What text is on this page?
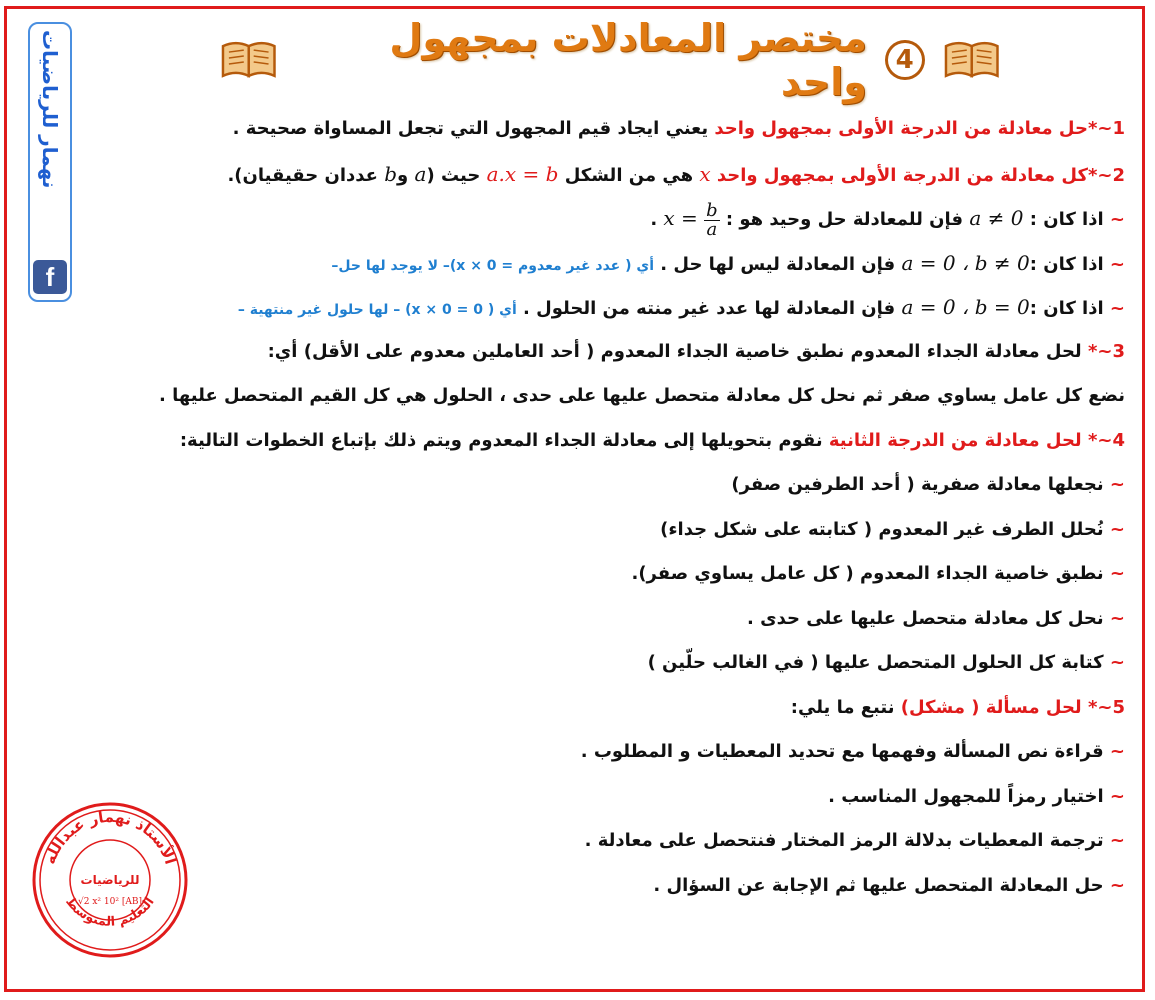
نهمار للرياضيات
f
4
مختصر المعادلات بمجهول واحد
1~*حل معادلة من الدرجة الأولى بمجهول واحد يعني ايجاد قيم المجهول التي تجعل المساواة صحيحة .
2~*كل معادلة من الدرجة الأولى بمجهول واحد x هي من الشكل a.x = b حيث (a وb عددان حقيقيان).
~ اذا كان : a ≠ 0 فإن للمعادلة حل وحيد هو :
$\frac{b}{a}$
x = .
~ اذا كان :a = 0 ، b ≠ 0 فإن المعادلة ليس لها حل . أي ( عدد غير معدوم = x × 0)– لا يوجد لها حل–
~ اذا كان :a = 0 ، b = 0 فإن المعادلة لها عدد غير منته من الحلول . أي ( 0 = x × 0) – لها حلول غير منتهية –
3~* لحل معادلة الجداء المعدوم نطبق خاصية الجداء المعدوم ( أحد العاملين معدوم على الأقل) أي:
نضع كل عامل يساوي صفر ثم نحل كل معادلة متحصل عليها على حدى ، الحلول هي كل القيم المتحصل عليها .
4~* لحل معادلة من الدرجة الثانية نقوم بتحويلها إلى معادلة الجداء المعدوم ويتم ذلك بإتباع الخطوات التالية:
~ نجعلها معادلة صفرية ( أحد الطرفين صفر)
~ نُحلل الطرف غير المعدوم ( كتابته على شكل جداء)
~ نطبق خاصية الجداء المعدوم ( كل عامل يساوي صفر).
~ نحل كل معادلة متحصل عليها على حدى .
~ كتابة كل الحلول المتحصل عليها ( في الغالب حلّين )
5~* لحل مسألة ( مشكل) نتبع ما يلي:
~ قراءة نص المسألة وفهمها مع تحديد المعطيات و المطلوب .
~ اختيار رمزاً للمجهول المناسب .
~ ترجمة المعطيات بدلالة الرمز المختار فنتحصل على معادلة .
~ حل المعادلة المتحصل عليها ثم الإجابة عن السؤال .
الأستاذ نهمار عبدالله
التعليم المتوسط
للرياضيات
√2 x² 10² [AB]
